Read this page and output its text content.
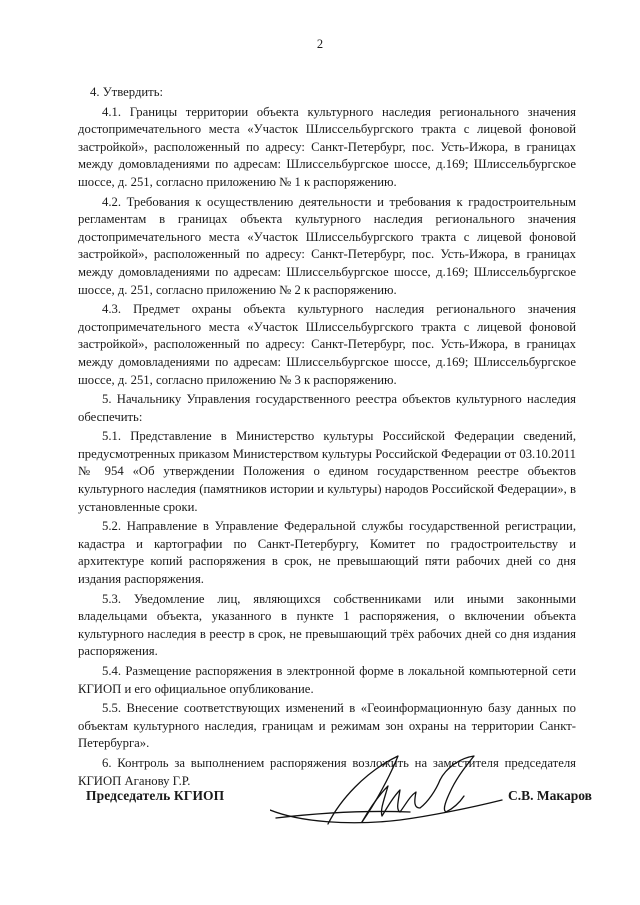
2

4. Утвердить:

4.1. Границы территории объекта культурного наследия регионального значения достопримечательного места «Участок Шлиссельбургского тракта с лицевой фоновой застройкой», расположенный по адресу: Санкт-Петербург, пос. Усть-Ижора, в границах между домовладениями по адресам: Шлиссельбургское шоссе, д.169; Шлиссельбургское шоссе, д. 251, согласно приложению № 1 к распоряжению.

4.2. Требования к осуществлению деятельности и требования к градостроительным регламентам в границах объекта культурного наследия регионального значения достопримечательного места «Участок Шлиссельбургского тракта с лицевой фоновой застройкой», расположенный по адресу: Санкт-Петербург, пос. Усть-Ижора, в границах между домовладениями по адресам: Шлиссельбургское шоссе, д.169; Шлиссельбургское шоссе, д. 251, согласно приложению № 2 к распоряжению.

4.3. Предмет охраны объекта культурного наследия регионального значения достопримечательного места «Участок Шлиссельбургского тракта с лицевой фоновой застройкой», расположенный по адресу: Санкт-Петербург, пос. Усть-Ижора, в границах между домовладениями по адресам: Шлиссельбургское шоссе, д.169; Шлиссельбургское шоссе, д. 251, согласно приложению № 3 к распоряжению.

5. Начальнику Управления государственного реестра объектов культурного наследия обеспечить:

5.1. Представление в Министерство культуры Российской Федерации сведений, предусмотренных приказом Министерством культуры Российской Федерации от 03.10.2011 № 954 «Об утверждении Положения о едином государственном реестре объектов культурного наследия (памятников истории и культуры) народов Российской Федерации», в установленные сроки.

5.2. Направление в Управление Федеральной службы государственной регистрации, кадастра и картографии по Санкт-Петербургу, Комитет по градостроительству и архитектуре копий распоряжения в срок, не превышающий пяти рабочих дней со дня издания распоряжения.

5.3. Уведомление лиц, являющихся собственниками или иными законными владельцами объекта, указанного в пункте 1 распоряжения, о включении объекта культурного наследия в реестр в срок, не превышающий трёх рабочих дней со дня издания распоряжения.

5.4. Размещение распоряжения в электронной форме в локальной компьютерной сети КГИОП и его официальное опубликование.

5.5. Внесение соответствующих изменений в «Геоинформационную базу данных по объектам культурного наследия, границам и режимам зон охраны на территории Санкт-Петербурга».

6. Контроль за выполнением распоряжения возложить на заместителя председателя КГИОП Аганову Г.Р.

Председатель КГИОП	С.В. Макаров
